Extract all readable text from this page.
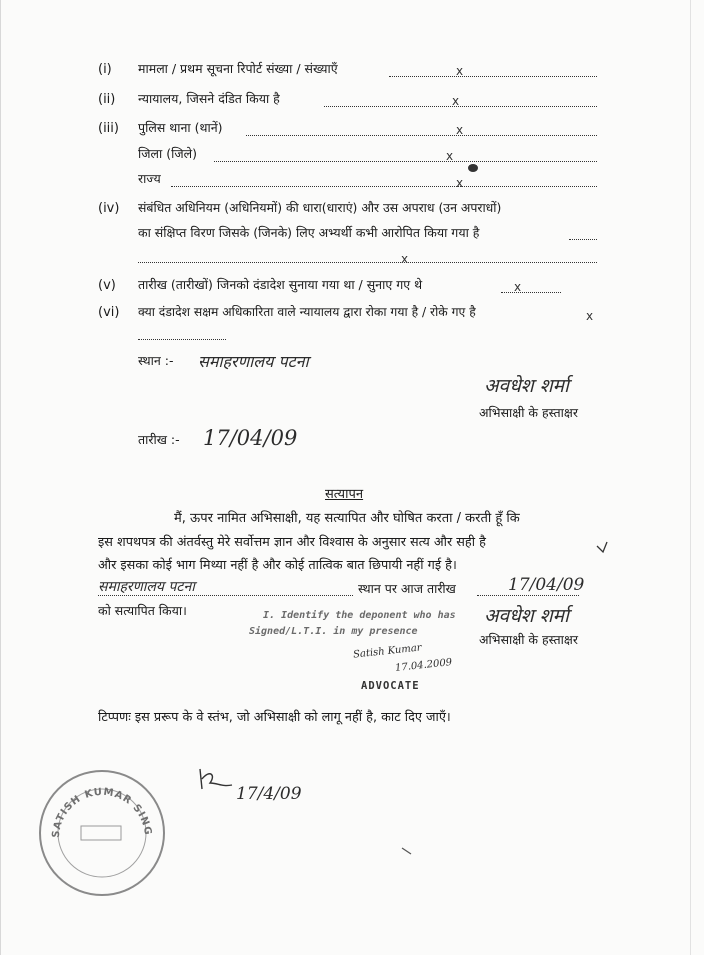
(i) मामला / प्रथम सूचना रिपोर्ट संख्या / संख्याएँ	x
(ii) न्यायालय, जिसने दंडित किया है	x
(iii) पुलिस थाना (थानें)	x
जिला (जिले)	x
राज्य	x
(iv) संबंधित अधिनियम (अधिनियमों) की धारा(धाराएं) और उस अपराध (उन अपराधों)
का संक्षिप्त विरण जिसके (जिनके) लिए अभ्यर्थी कभी आरोपित किया गया है
x
(v) तारीख (तारीखों) जिनको दंडादेश सुनाया गया था / सुनाए गए थे	x
(vi) क्या दंडादेश सक्षम अधिकारिता वाले न्यायालय द्वारा रोका गया है / रोके गए है	x
स्थान :- समाहरणालय पटना
अवधेश शर्मा
अभिसाक्षी के हस्ताक्षर
तारीख :- 17/04/09
सत्यापन
मैं, ऊपर नामित अभिसाक्षी, यह सत्यापित और घोषित करता / करती हूँ कि
इस शपथपत्र की अंतर्वस्तु मेरे सर्वोत्तम ज्ञान और विश्वास के अनुसार सत्य और सही है
और इसका कोई भाग मिथ्या नहीं है और कोई तात्विक बात छिपायी नहीं गई है।
समाहरणालय पटना	स्थान पर आज तारीख	17/04/09
को सत्यापित किया।	अवधेश शर्मा
अभिसाक्षी के हस्ताक्षर
I. Identify the deponent who has
Signed/L.T.I. in my presence
Satish Kumar
17.04.2009
ADVOCATE
टिप्पणः इस प्ररूप के वे स्तंभ, जो अभिसाक्षी को लागू नहीं है, काट दिए जाएँ।
SATISH KUMAR SINGH
17/4/09
